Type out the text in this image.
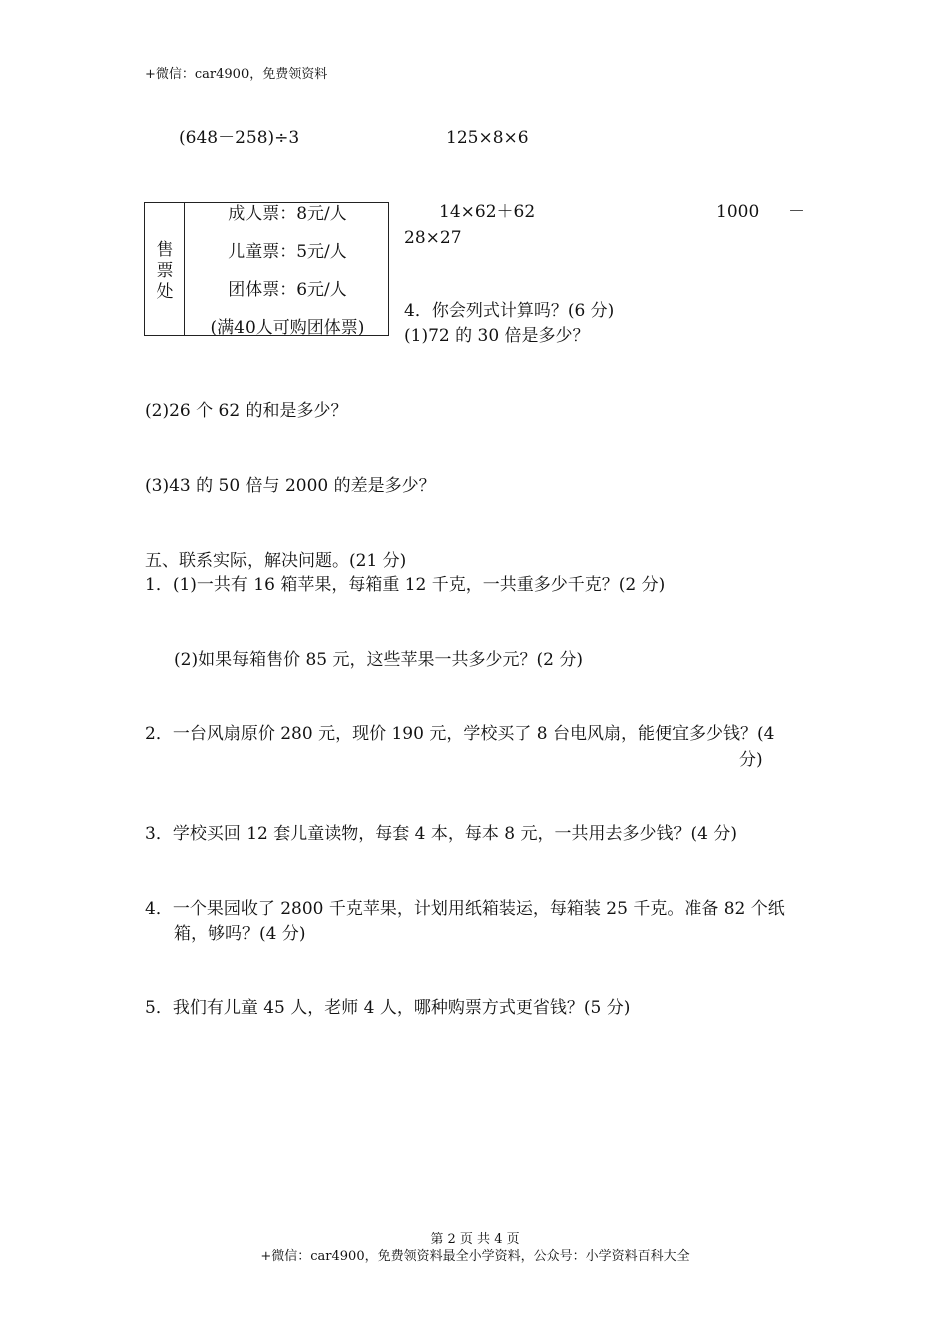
+微信：car4900，免费领资料
(648－258)÷3	125×8×6
14×62＋62	1000 －
28×27
售
票
处
成人票：8元/人
儿童票：5元/人
团体票：6元/人
(满40人可购团体票)
4．你会列式计算吗？(6 分)
(1)72 的 30 倍是多少？
(2)26 个 62 的和是多少？
(3)43 的 50 倍与 2000 的差是多少？
五、联系实际，解决问题。(21 分)
1．(1)一共有 16 箱苹果，每箱重 12 千克，一共重多少千克？(2 分)
(2)如果每箱售价 85 元，这些苹果一共多少元？(2 分)
2．一台风扇原价 280 元，现价 190 元，学校买了 8 台电风扇，能便宜多少钱？(4
分)
3．学校买回 12 套儿童读物，每套 4 本，每本 8 元，一共用去多少钱？(4 分)
4．一个果园收了 2800 千克苹果，计划用纸箱装运，每箱装 25 千克。准备 82 个纸
箱，够吗？(4 分)
5．我们有儿童 45 人，老师 4 人，哪种购票方式更省钱？(5 分)
第 2 页 共 4 页
+微信：car4900，免费领资料最全小学资料，公众号：小学资料百科大全
